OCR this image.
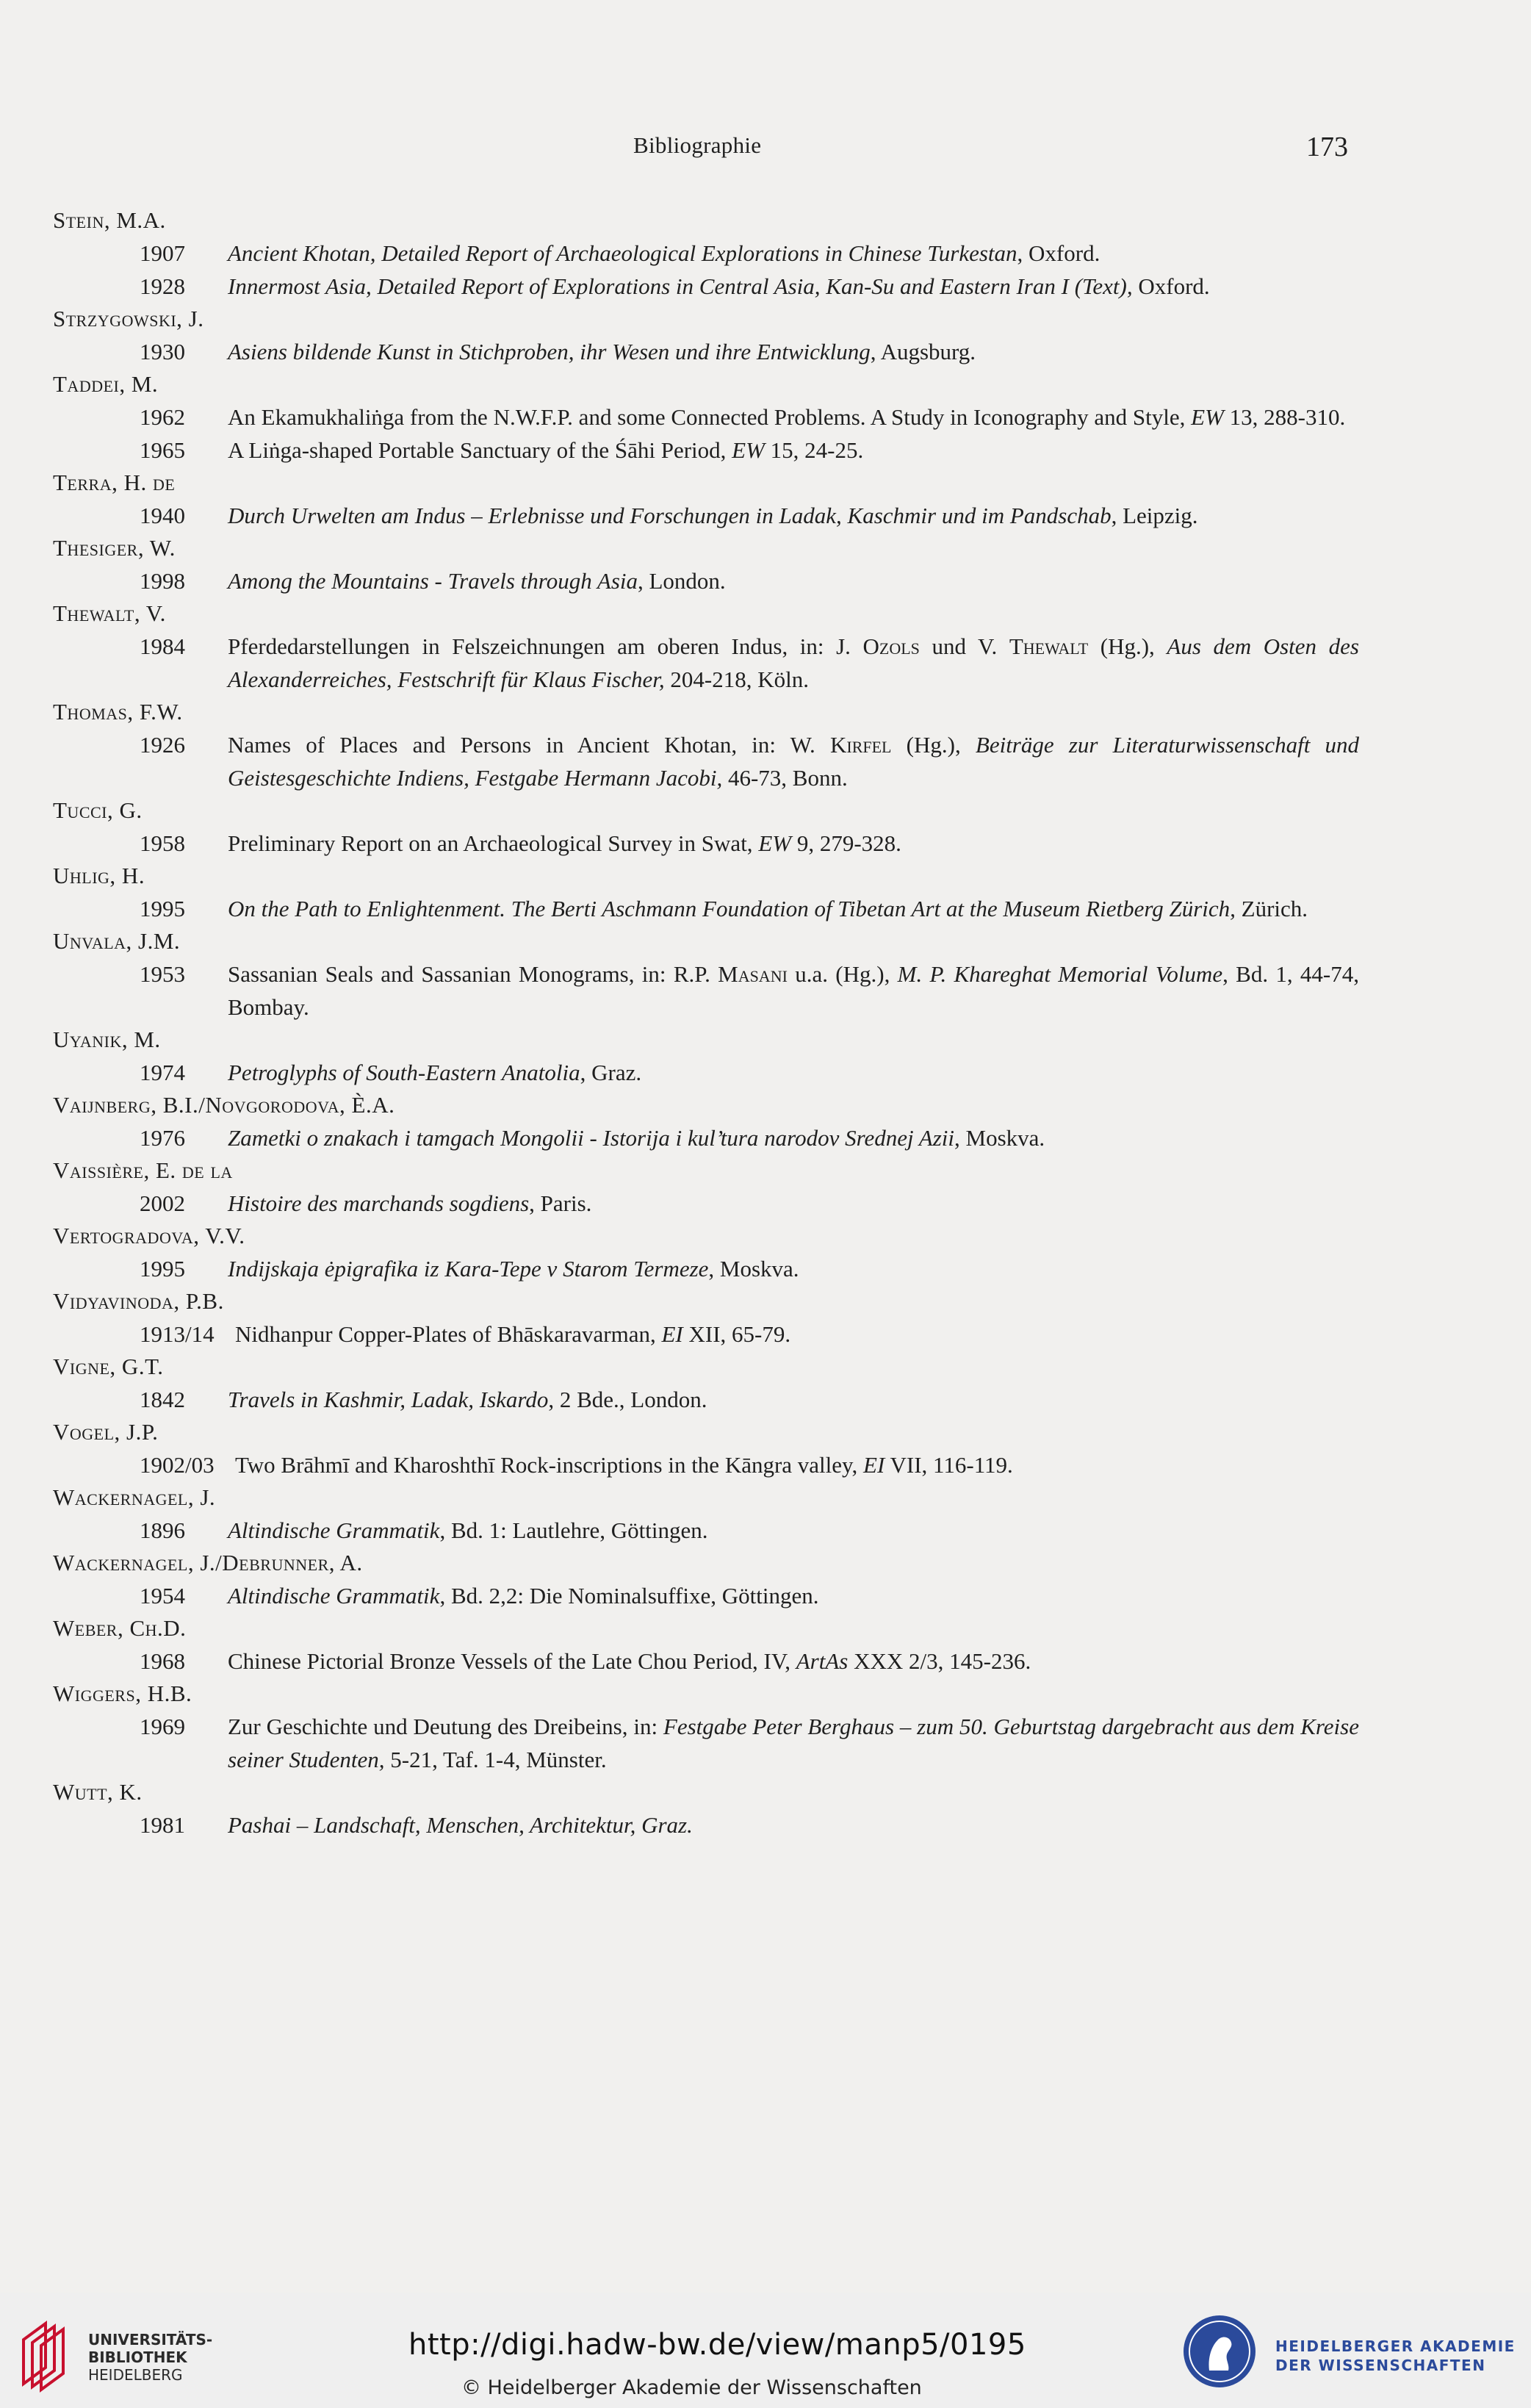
Bibliographie	173
Stein, M.A.
1907	Ancient Khotan, Detailed Report of Archaeological Explorations in Chinese Turkestan, Oxford.
1928	Innermost Asia, Detailed Report of Explorations in Central Asia, Kan-Su and Eastern Iran I (Text), Oxford.
Strzygowski, J.
1930	Asiens bildende Kunst in Stichproben, ihr Wesen und ihre Entwicklung, Augsburg.
Taddei, M.
1962	An Ekamukhaliṅga from the N.W.F.P. and some Connected Problems. A Study in Iconography and Style, EW 13, 288-310.
1965	A Liṅga-shaped Portable Sanctuary of the Śāhi Period, EW 15, 24-25.
Terra, H. de
1940	Durch Urwelten am Indus – Erlebnisse und Forschungen in Ladak, Kaschmir und im Pandschab, Leipzig.
Thesiger, W.
1998	Among the Mountains - Travels through Asia, London.
Thewalt, V.
1984	Pferdedarstellungen in Felszeichnungen am oberen Indus, in: J. Ozols und V. Thewalt (Hg.), Aus dem Osten des Alexanderreiches, Festschrift für Klaus Fischer, 204-218, Köln.
Thomas, F.W.
1926	Names of Places and Persons in Ancient Khotan, in: W. Kirfel (Hg.), Beiträge zur Literaturwissenschaft und Geistesgeschichte Indiens, Festgabe Hermann Jacobi, 46-73, Bonn.
Tucci, G.
1958	Preliminary Report on an Archaeological Survey in Swat, EW 9, 279-328.
Uhlig, H.
1995	On the Path to Enlightenment. The Berti Aschmann Foundation of Tibetan Art at the Museum Rietberg Zürich, Zürich.
Unvala, J.M.
1953	Sassanian Seals and Sassanian Monograms, in: R.P. Masani u.a. (Hg.), M. P. Khareghat Memorial Volume, Bd. 1, 44-74, Bombay.
Uyanik, M.
1974	Petroglyphs of South-Eastern Anatolia, Graz.
Vaijnberg, B.I./Novgorodova, È.A.
1976	Zametki o znakach i tamgach Mongolii - Istorija i kul’tura narodov Srednej Azii, Moskva.
Vaissière, E. de la
2002	Histoire des marchands sogdiens, Paris.
Vertogradova, V.V.
1995	Indijskaja ėpigrafika iz Kara-Tepe v Starom Termeze, Moskva.
Vidyavinoda, P.B.
1913/14 Nidhanpur Copper-Plates of Bhāskaravarman, EI XII, 65-79.
Vigne, G.T.
1842	Travels in Kashmir, Ladak, Iskardo, 2 Bde., London.
Vogel, J.P.
1902/03 Two Brāhmī and Kharoshthī Rock-inscriptions in the Kāngra valley, EI VII, 116-119.
Wackernagel, J.
1896	Altindische Grammatik, Bd. 1: Lautlehre, Göttingen.
Wackernagel, J./Debrunner, A.
1954	Altindische Grammatik, Bd. 2,2: Die Nominalsuffixe, Göttingen.
Weber, Ch.D.
1968	Chinese Pictorial Bronze Vessels of the Late Chou Period, IV, ArtAs XXX 2/3, 145-236.
Wiggers, H.B.
1969	Zur Geschichte und Deutung des Dreibeins, in: Festgabe Peter Berghaus – zum 50. Geburtstag dargebracht aus dem Kreise seiner Studenten, 5-21, Taf. 1-4, Münster.
Wutt, K.
1981	Pashai – Landschaft, Menschen, Architektur, Graz.
UNIVERSITÄTS-
BIBLIOTHEK
HEIDELBERG
http://digi.hadw-bw.de/view/manp5/0195
© Heidelberger Akademie der Wissenschaften
HEIDELBERGER AKADEMIE
DER WISSENSCHAFTEN
